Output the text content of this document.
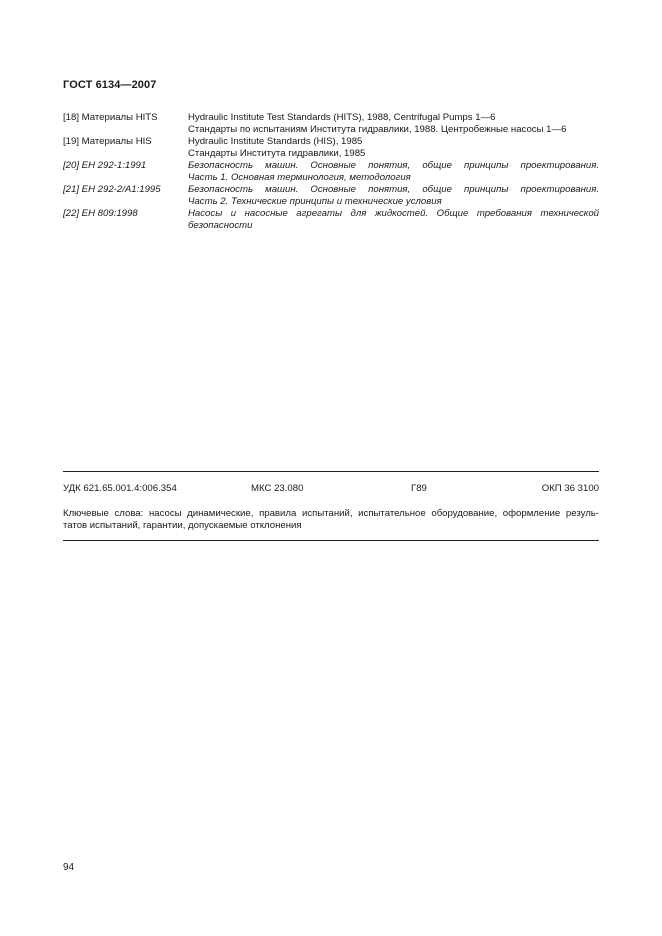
ГОСТ 6134—2007
[18] Материалы HITS	Hydraulic Institute Test Standards (HITS), 1988, Centrifugal Pumps 1—6
Стандарты по испытаниям Института гидравлики, 1988. Центробежные насосы 1—6
[19] Материалы HIS	Hydraulic Institute Standards (HIS), 1985
Стандарты Института гидравлики, 1985
[20] ЕН 292-1:1991	Безопасность машин. Основные понятия, общие принципы проектирования.
Часть 1. Основная терминология, методология
[21] ЕН 292-2/А1:1995	Безопасность машин. Основные понятия, общие принципы проектирования.
Часть 2. Технические принципы и технические условия
[22] ЕН 809:1998	Насосы и насосные агрегаты для жидкостей. Общие требования технической
безопасности
УДК 621.65.001.4:006.354	МКС 23.080	Г89	ОКП 36 3100
Ключевые слова: насосы динамические, правила испытаний, испытательное оборудование, оформление резуль-
татов испытаний, гарантии, допускаемые отклонения
94
